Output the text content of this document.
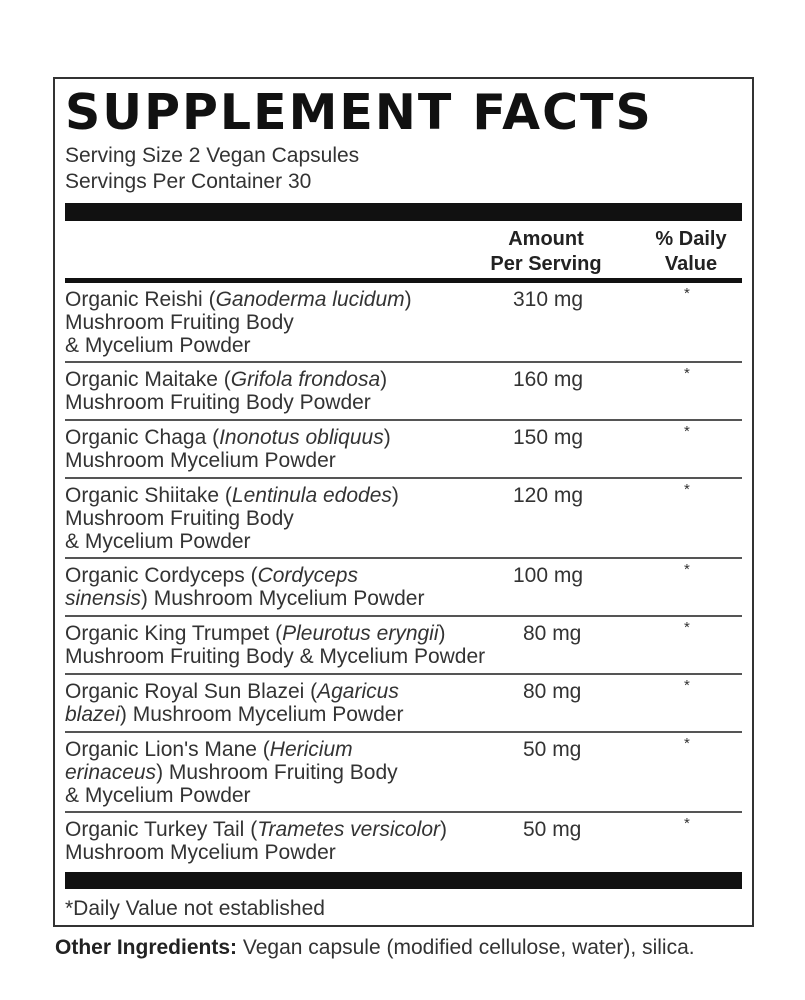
SUPPLEMENT FACTS
Serving Size 2 Vegan Capsules
Servings Per Container 30
Amount
Per Serving
% Daily
Value
Organic Reishi (Ganoderma lucidum)
Mushroom Fruiting Body
& Mycelium Powder
310 mg	*
Organic Maitake (Grifola frondosa)
Mushroom Fruiting Body Powder
160 mg	*
Organic Chaga (Inonotus obliquus)
Mushroom Mycelium Powder
150 mg	*
Organic Shiitake (Lentinula edodes)
Mushroom Fruiting Body
& Mycelium Powder
120 mg	*
Organic Cordyceps (Cordyceps
sinensis) Mushroom Mycelium Powder
100 mg	*
Organic King Trumpet (Pleurotus eryngii)
Mushroom Fruiting Body & Mycelium Powder
80 mg	*
Organic Royal Sun Blazei (Agaricus
blazei) Mushroom Mycelium Powder
80 mg	*
Organic Lion's Mane (Hericium
erinaceus) Mushroom Fruiting Body
& Mycelium Powder
50 mg	*
Organic Turkey Tail (Trametes versicolor)
Mushroom Mycelium Powder
50 mg	*
*Daily Value not established
Other Ingredients: Vegan capsule (modified cellulose, water), silica.
